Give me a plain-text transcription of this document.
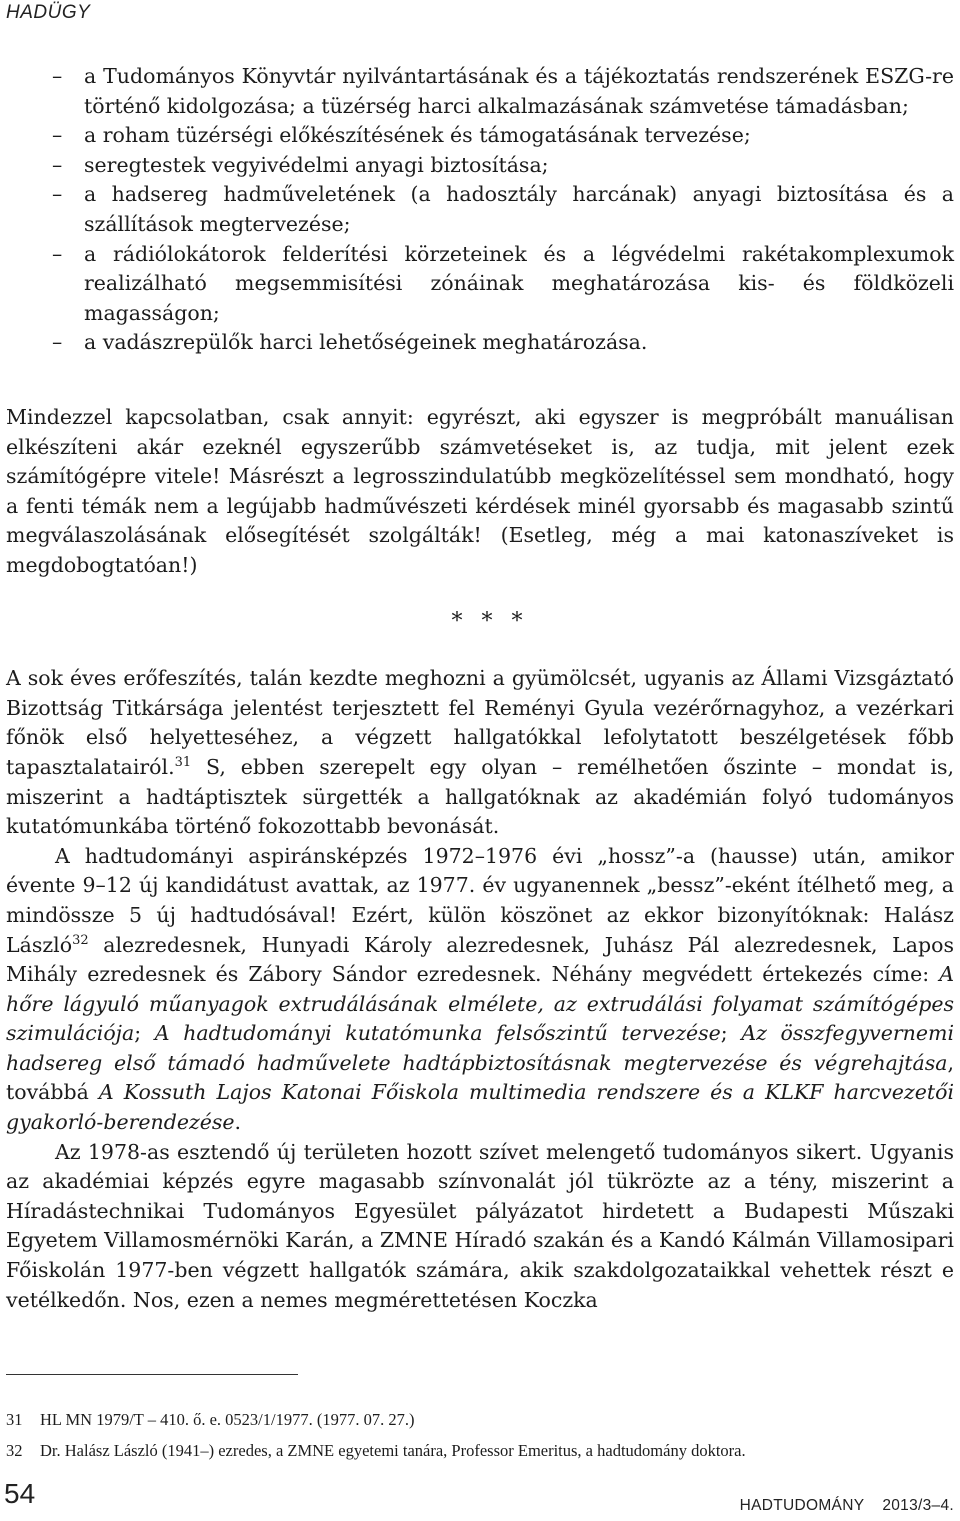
HADÜGY
– a Tudományos Könyvtár nyilvántartásának és a tájékoztatás rendszerének ESZG-re történő kidolgozása; a tüzérség harci alkalmazásának számvetése támadásban;
– a roham tüzérségi előkészítésének és támogatásának tervezése;
– seregtestek vegyivédelmi anyagi biztosítása;
– a hadsereg hadműveletének (a hadosztály harcának) anyagi biztosítása és a szállítások megtervezése;
– a rádiólokátorok felderítési körzeteinek és a légvédelmi rakétakomplexumok realizálható megsemmisítési zónáinak meghatározása kis- és földközeli magasságon;
– a vadászrepülők harci lehetőségeinek meghatározása.

Mindezzel kapcsolatban, csak annyit: egyrészt, aki egyszer is megpróbált manuálisan elkészíteni akár ezeknél egyszerűbb számvetéseket is, az tudja, mit jelent ezek számítógépre vitele! Másrészt a legrosszindulatúbb megközelítéssel sem mondható, hogy a fenti témák nem a legújabb hadművészeti kérdések minél gyorsabb és magasabb szintű megválaszolásának elősegítését szolgálták! (Esetleg, még a mai katonaszíveket is megdobogtatóan!)

* * *

A sok éves erőfeszítés, talán kezdte meghozni a gyümölcsét, ugyanis az Állami Vizsgáztató Bizottság Titkársága jelentést terjesztett fel Reményi Gyula vezérőrnagyhoz, a vezérkari főnök első helyetteséhez, a végzett hallgatókkal lefolytatott beszélgetések főbb tapasztalatairól.$^{31}$ S, ebben szerepelt egy olyan – remélhetően őszinte – mondat is, miszerint a hadtáptisztek sürgették a hallgatóknak az akadémián folyó tudományos kutatómunkába történő fokozottabb bevonását.

A hadtudományi aspiránsképzés 1972–1976 évi „hossz”-a (hausse) után, amikor évente 9–12 új kandidátust avattak, az 1977. év ugyanennek „bessz”-eként ítélhető meg, a mindössze 5 új hadtudósával! Ezért, külön köszönet az ekkor bizonyítóknak: Halász László$^{32}$ alezredesnek, Hunyadi Károly alezredesnek, Juhász Pál alezredesnek, Lapos Mihály ezredesnek és Zábory Sándor ezredesnek. Néhány megvédett értekezés címe: A hőre lágyuló műanyagok extrudálásának elmélete, az extrudálási folyamat számítógépes szimulációja; A hadtudományi kutatómunka felsőszintű tervezése; Az összfegyvernemi hadsereg első támadó hadművelete hadtápbiztosításnak megtervezése és végrehajtása, továbbá A Kossuth Lajos Katonai Főiskola multimedia rendszere és a KLKF harcvezetői gyakorló-berendezése.

Az 1978-as esztendő új területen hozott szívet melengető tudományos sikert. Ugyanis az akadémiai képzés egyre magasabb színvonalát jól tükrözte az a tény, miszerint a Híradástechnikai Tudományos Egyesület pályázatot hirdetett a Budapesti Műszaki Egyetem Villamosmérnöki Karán, a ZMNE Híradó szakán és a Kandó Kálmán Villamosipari Főiskolán 1977-ben végzett hallgatók számára, akik szakdolgozataikkal vehettek részt e vetélkedőn. Nos, ezen a nemes megmérettetésen Koczka

31 HL MN 1979/T – 410. ő. e. 0523/1/1977. (1977. 07. 27.)
32 Dr. Halász László (1941–) ezredes, a ZMNE egyetemi tanára, Professor Emeritus, a hadtudomány doktora.
54	HADTUDOMÁNY 2013/3–4.
